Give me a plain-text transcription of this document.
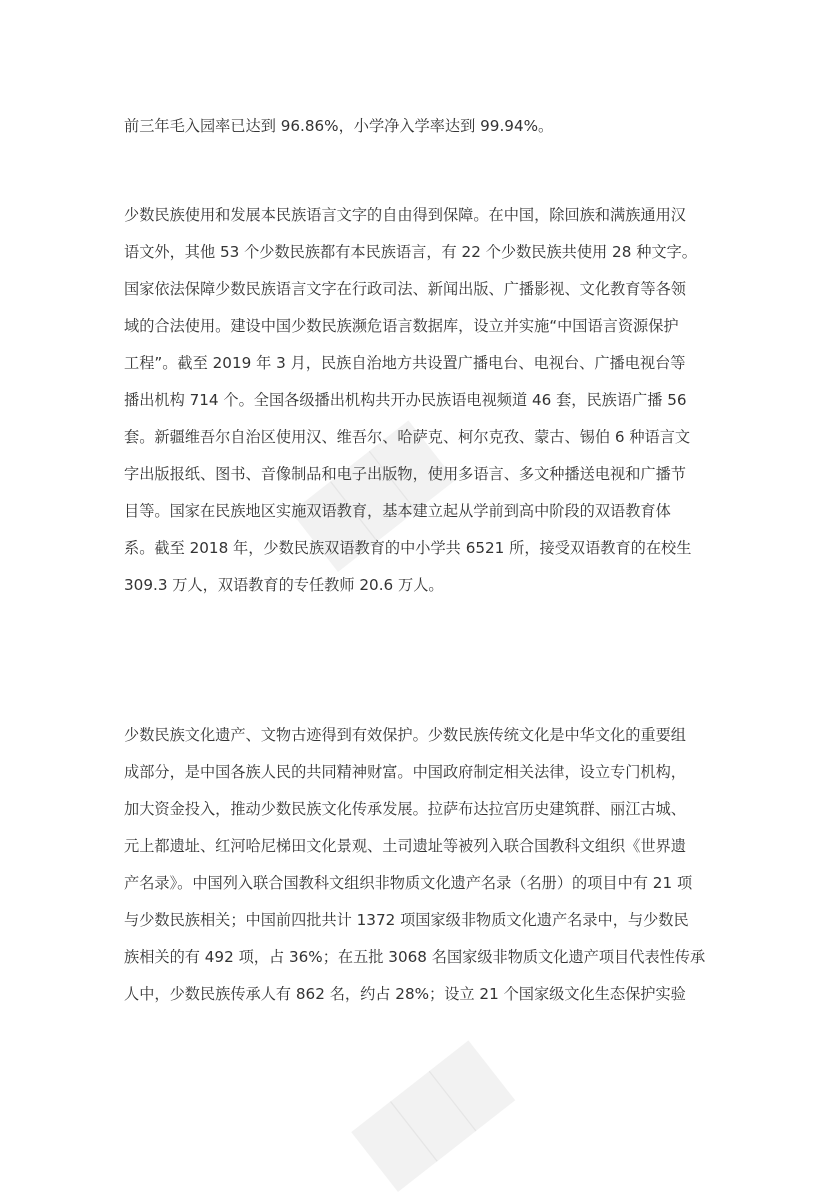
███
███
前三年毛入园率已达到 96.86%，小学净入学率达到 99.94%。
少数民族使用和发展本民族语言文字的自由得到保障。在中国，除回族和满族通用汉
语文外，其他 53 个少数民族都有本民族语言，有 22 个少数民族共使用 28 种文字。
国家依法保障少数民族语言文字在行政司法、新闻出版、广播影视、文化教育等各领
域的合法使用。建设中国少数民族濒危语言数据库，设立并实施“中国语言资源保护
工程”。截至 2019 年 3 月，民族自治地方共设置广播电台、电视台、广播电视台等
播出机构 714 个。全国各级播出机构共开办民族语电视频道 46 套，民族语广播 56
套。新疆维吾尔自治区使用汉、维吾尔、哈萨克、柯尔克孜、蒙古、锡伯 6 种语言文
字出版报纸、图书、音像制品和电子出版物，使用多语言、多文种播送电视和广播节
目等。国家在民族地区实施双语教育，基本建立起从学前到高中阶段的双语教育体
系。截至 2018 年，少数民族双语教育的中小学共 6521 所，接受双语教育的在校生
309.3 万人，双语教育的专任教师 20.6 万人。
少数民族文化遗产、文物古迹得到有效保护。少数民族传统文化是中华文化的重要组
成部分，是中国各族人民的共同精神财富。中国政府制定相关法律，设立专门机构，
加大资金投入，推动少数民族文化传承发展。拉萨布达拉宫历史建筑群、丽江古城、
元上都遗址、红河哈尼梯田文化景观、土司遗址等被列入联合国教科文组织《世界遗
产名录》。中国列入联合国教科文组织非物质文化遗产名录（名册）的项目中有 21 项
与少数民族相关；中国前四批共计 1372 项国家级非物质文化遗产名录中，与少数民
族相关的有 492 项，占 36%；在五批 3068 名国家级非物质文化遗产项目代表性传承
人中，少数民族传承人有 862 名，约占 28%；设立 21 个国家级文化生态保护实验
